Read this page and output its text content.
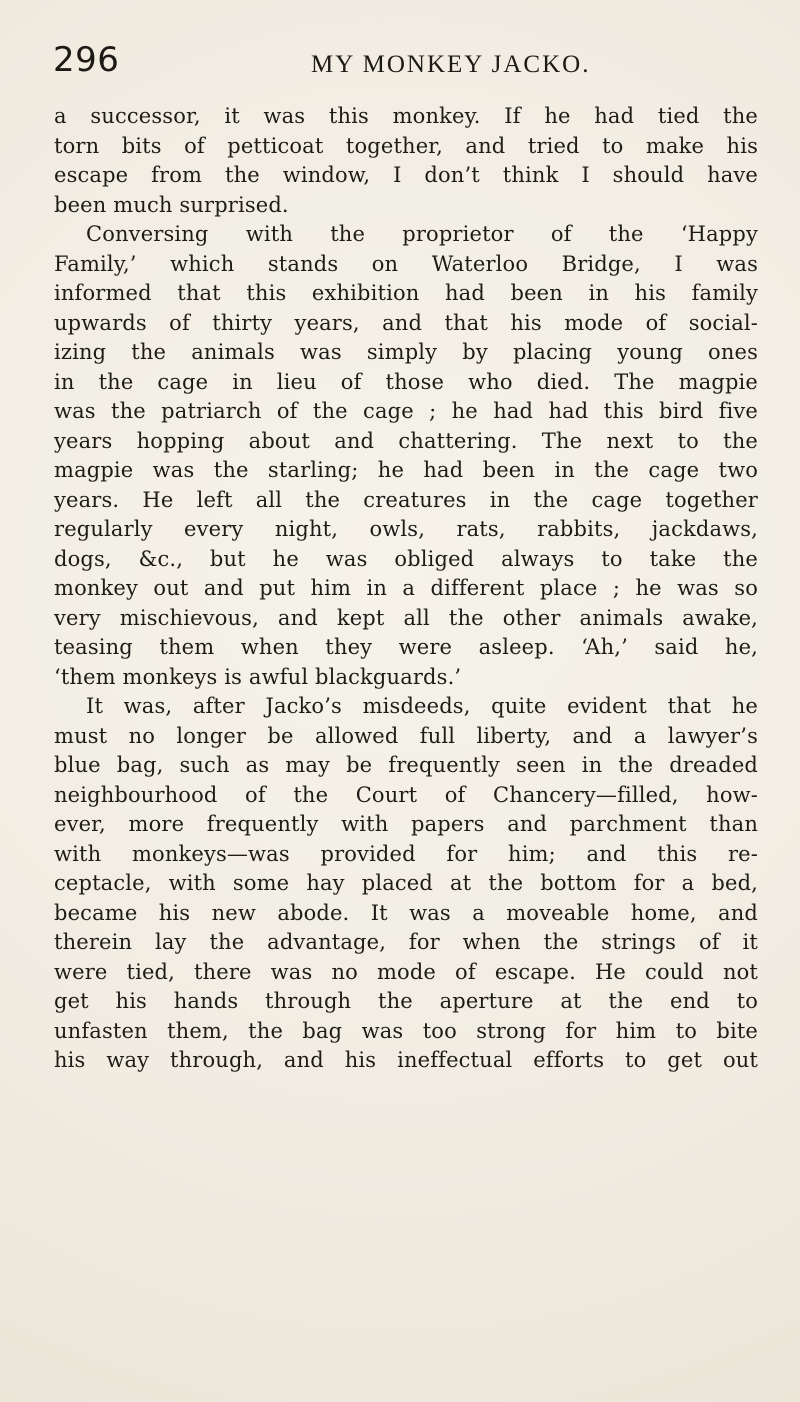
296	MY MONKEY JACKO.
a successor, it was this monkey. If he had tied the
torn bits of petticoat together, and tried to make his
escape from the window, I don’t think I should have
been much surprised.
Conversing with the proprietor of the ‘Happy
Family,’ which stands on Waterloo Bridge, I was
informed that this exhibition had been in his family
upwards of thirty years, and that his mode of social-
izing the animals was simply by placing young ones
in the cage in lieu of those who died. The magpie
was the patriarch of the cage ; he had had this bird five
years hopping about and chattering. The next to the
magpie was the starling; he had been in the cage two
years. He left all the creatures in the cage together
regularly every night, owls, rats, rabbits, jackdaws,
dogs, &c., but he was obliged always to take the
monkey out and put him in a different place ; he was so
very mischievous, and kept all the other animals awake,
teasing them when they were asleep. ‘Ah,’ said he,
‘them monkeys is awful blackguards.’
It was, after Jacko’s misdeeds, quite evident that he
must no longer be allowed full liberty, and a lawyer’s
blue bag, such as may be frequently seen in the dreaded
neighbourhood of the Court of Chancery—filled, how-
ever, more frequently with papers and parchment than
with monkeys—was provided for him; and this re-
ceptacle, with some hay placed at the bottom for a bed,
became his new abode. It was a moveable home, and
therein lay the advantage, for when the strings of it
were tied, there was no mode of escape. He could not
get his hands through the aperture at the end to
unfasten them, the bag was too strong for him to bite
his way through, and his ineffectual efforts to get out
